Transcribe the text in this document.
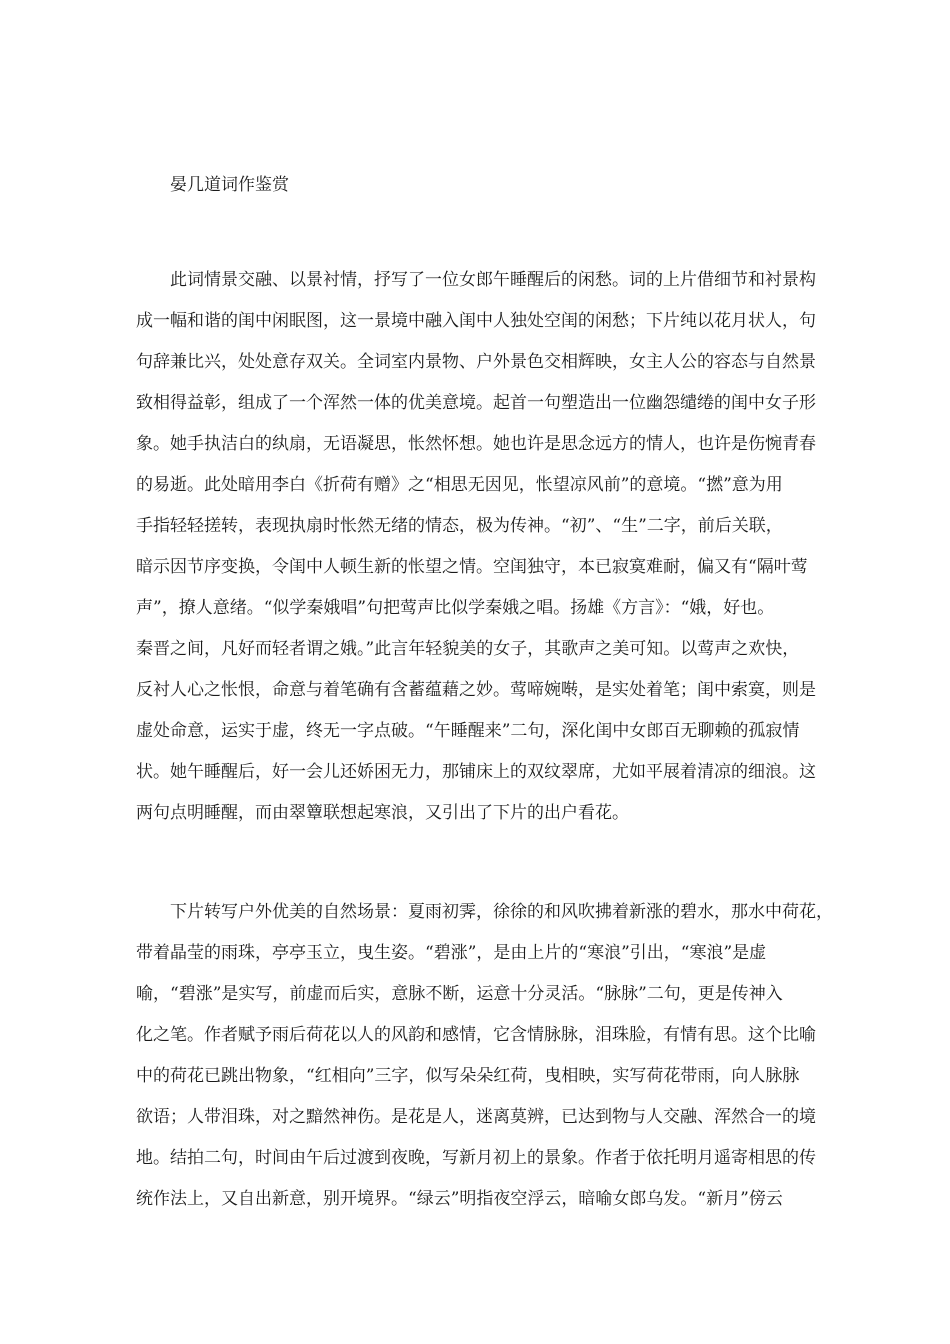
晏几道词作鉴赏
　　此词情景交融、以景衬情，抒写了一位女郎午睡醒后的闲愁。词的上片借细节和衬景构
成一幅和谐的闺中闲眠图，这一景境中融入闺中人独处空闺的闲愁；下片纯以花月状人，句
句辞兼比兴，处处意存双关。全词室内景物、户外景色交相辉映，女主人公的容态与自然景
致相得益彰，组成了一个浑然一体的优美意境。起首一句塑造出一位幽怨缱绻的闺中女子形
象。她手执洁白的纨扇，无语凝思，怅然怀想。她也许是思念远方的情人，也许是伤惋青春
的易逝。此处暗用李白《折荷有赠》之“相思无因见，怅望凉风前”的意境。“撚”意为用
手指轻轻搓转，表现执扇时怅然无绪的情态，极为传神。“初”、“生”二字，前后关联，
暗示因节序变换，令闺中人顿生新的怅望之情。空闺独守，本已寂寞难耐，偏又有“隔叶莺
声”，撩人意绪。“似学秦娥唱”句把莺声比似学秦娥之唱。扬雄《方言》：“娥，好也。
秦晋之间，凡好而轻者谓之娥。”此言年轻貌美的女子，其歌声之美可知。以莺声之欢快，
反衬人心之怅恨，命意与着笔确有含蓄蕴藉之妙。莺啼婉啭，是实处着笔；闺中索寞，则是
虚处命意，运实于虚，终无一字点破。“午睡醒来”二句，深化闺中女郎百无聊赖的孤寂情
状。她午睡醒后，好一会儿还娇困无力，那铺床上的双纹翠席，尤如平展着清凉的细浪。这
两句点明睡醒，而由翠簟联想起寒浪，又引出了下片的出户看花。
　　下片转写户外优美的自然场景：夏雨初霁，徐徐的和风吹拂着新涨的碧水，那水中荷花，
带着晶莹的雨珠，亭亭玉立，曳生姿。“碧涨”，是由上片的“寒浪”引出，“寒浪”是虚
喻，“碧涨”是实写，前虚而后实，意脉不断，运意十分灵活。“脉脉”二句，更是传神入
化之笔。作者赋予雨后荷花以人的风韵和感情，它含情脉脉，泪珠脸，有情有思。这个比喻
中的荷花已跳出物象，“红相向”三字，似写朵朵红荷，曳相映，实写荷花带雨，向人脉脉
欲语；人带泪珠，对之黯然神伤。是花是人，迷离莫辨，已达到物与人交融、浑然合一的境
地。结拍二句，时间由午后过渡到夜晚，写新月初上的景象。作者于依托明月遥寄相思的传
统作法上，又自出新意，别开境界。“绿云”明指夜空浮云，暗喻女郎乌发。“新月”傍云
